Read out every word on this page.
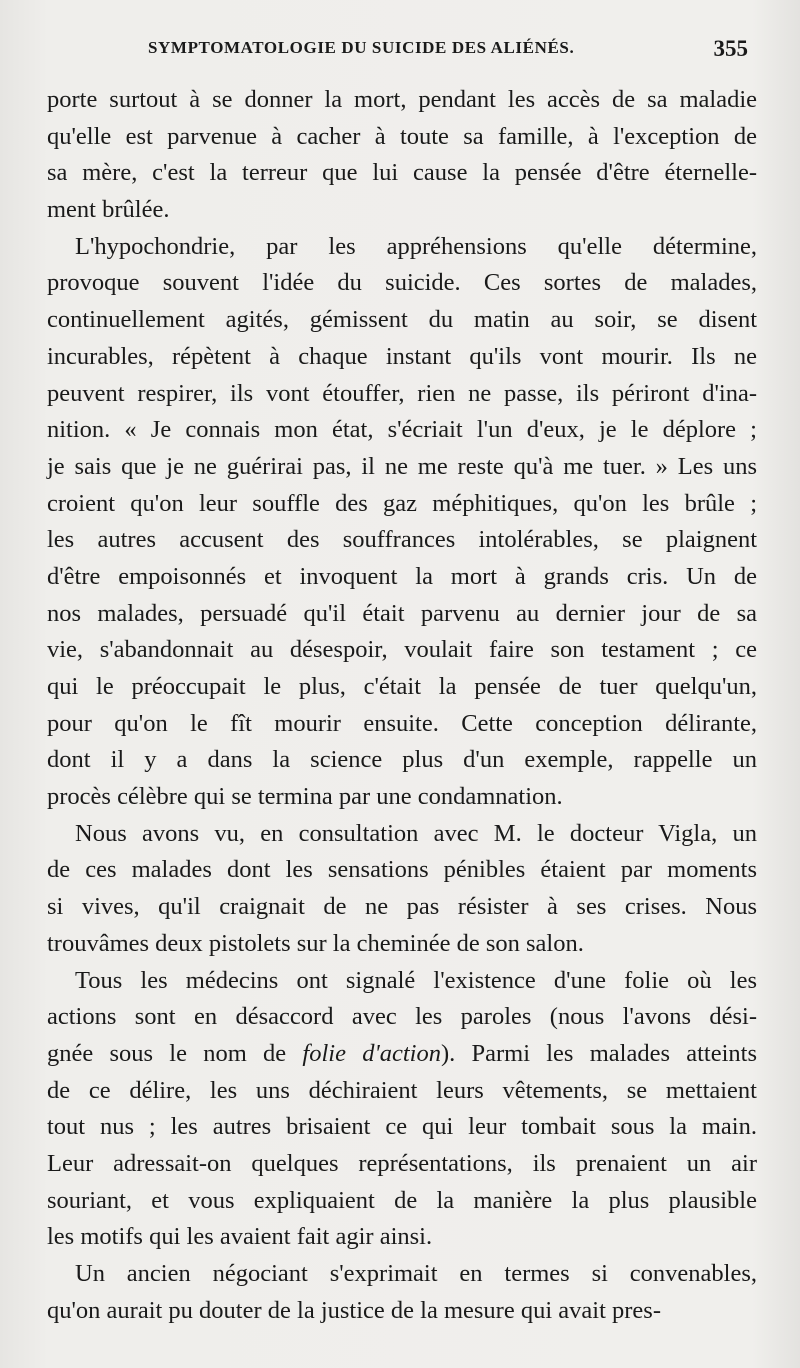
SYMPTOMATOLOGIE DU SUICIDE DES ALIÉNÉS.	355
porte surtout à se donner la mort, pendant les accès de sa maladie
qu'elle est parvenue à cacher à toute sa famille, à l'exception de
sa mère, c'est la terreur que lui cause la pensée d'être éternelle-
ment brûlée.
L'hypochondrie, par les appréhensions qu'elle détermine,
provoque souvent l'idée du suicide. Ces sortes de malades,
continuellement agités, gémissent du matin au soir, se disent
incurables, répètent à chaque instant qu'ils vont mourir. Ils ne
peuvent respirer, ils vont étouffer, rien ne passe, ils périront d'ina-
nition. « Je connais mon état, s'écriait l'un d'eux, je le déplore ;
je sais que je ne guérirai pas, il ne me reste qu'à me tuer. » Les uns
croient qu'on leur souffle des gaz méphitiques, qu'on les brûle ;
les autres accusent des souffrances intolérables, se plaignent
d'être empoisonnés et invoquent la mort à grands cris. Un de
nos malades, persuadé qu'il était parvenu au dernier jour de sa
vie, s'abandonnait au désespoir, voulait faire son testament ; ce
qui le préoccupait le plus, c'était la pensée de tuer quelqu'un,
pour qu'on le fît mourir ensuite. Cette conception délirante,
dont il y a dans la science plus d'un exemple, rappelle un
procès célèbre qui se termina par une condamnation.
Nous avons vu, en consultation avec M. le docteur Vigla, un
de ces malades dont les sensations pénibles étaient par moments
si vives, qu'il craignait de ne pas résister à ses crises. Nous
trouvâmes deux pistolets sur la cheminée de son salon.
Tous les médecins ont signalé l'existence d'une folie où les
actions sont en désaccord avec les paroles (nous l'avons dési-
gnée sous le nom de folie d'action). Parmi les malades atteints
de ce délire, les uns déchiraient leurs vêtements, se mettaient
tout nus ; les autres brisaient ce qui leur tombait sous la main.
Leur adressait-on quelques représentations, ils prenaient un air
souriant, et vous expliquaient de la manière la plus plausible
les motifs qui les avaient fait agir ainsi.
Un ancien négociant s'exprimait en termes si convenables,
qu'on aurait pu douter de la justice de la mesure qui avait pres-
